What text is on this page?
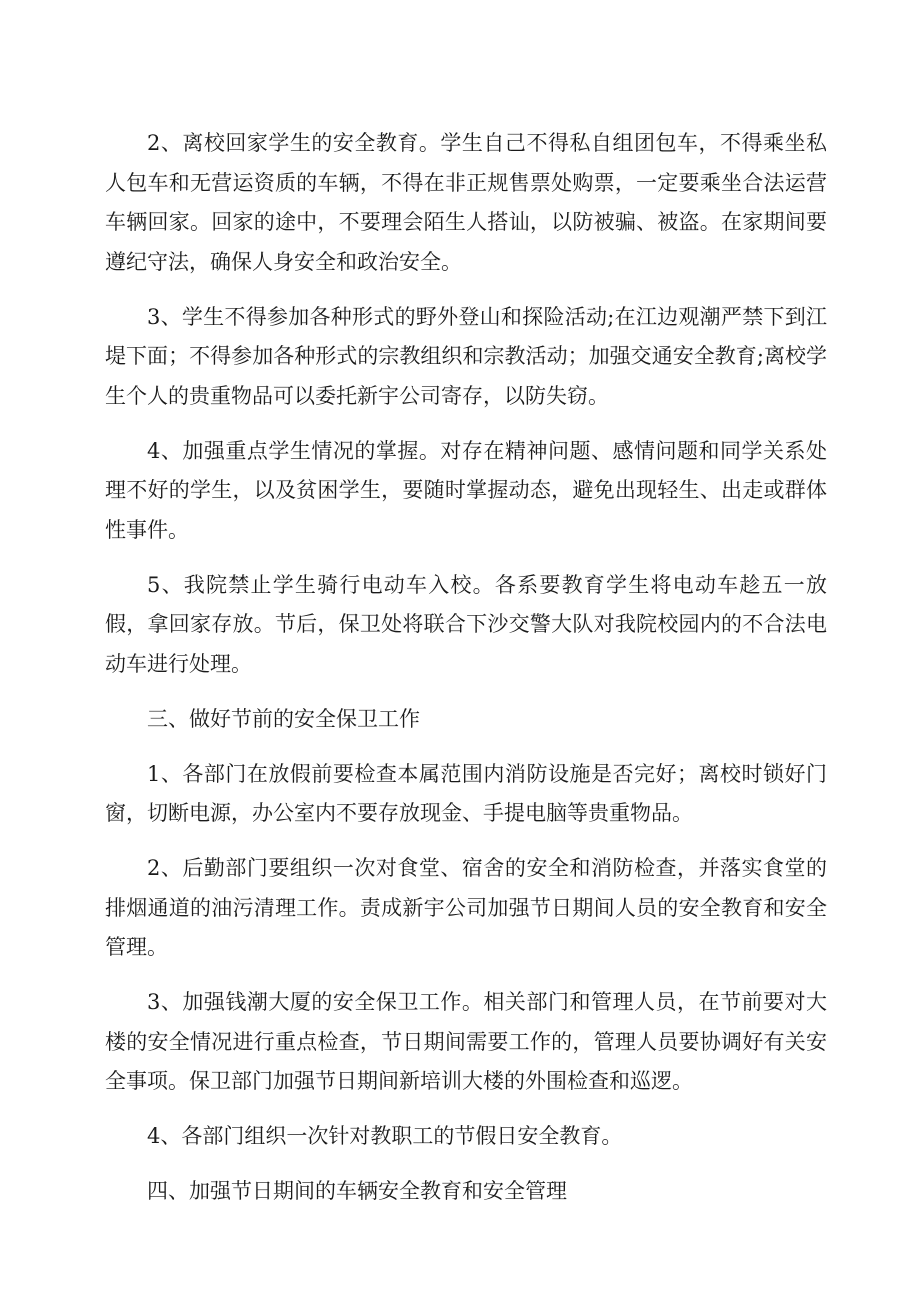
2、离校回家学生的安全教育。学生自己不得私自组团包车，不得乘坐私人包车和无营运资质的车辆，不得在非正规售票处购票，一定要乘坐合法运营车辆回家。回家的途中，不要理会陌生人搭讪，以防被骗、被盗。在家期间要遵纪守法，确保人身安全和政治安全。

3、学生不得参加各种形式的野外登山和探险活动;在江边观潮严禁下到江堤下面；不得参加各种形式的宗教组织和宗教活动；加强交通安全教育;离校学生个人的贵重物品可以委托新宇公司寄存，以防失窃。

4、加强重点学生情况的掌握。对存在精神问题、感情问题和同学关系处理不好的学生，以及贫困学生，要随时掌握动态，避免出现轻生、出走或群体性事件。

5、我院禁止学生骑行电动车入校。各系要教育学生将电动车趁五一放假，拿回家存放。节后，保卫处将联合下沙交警大队对我院校园内的不合法电动车进行处理。

三、做好节前的安全保卫工作

1、各部门在放假前要检查本属范围内消防设施是否完好；离校时锁好门窗，切断电源，办公室内不要存放现金、手提电脑等贵重物品。

2、后勤部门要组织一次对食堂、宿舍的安全和消防检查，并落实食堂的排烟通道的油污清理工作。责成新宇公司加强节日期间人员的安全教育和安全管理。

3、加强钱潮大厦的安全保卫工作。相关部门和管理人员，在节前要对大楼的安全情况进行重点检查，节日期间需要工作的，管理人员要协调好有关安全事项。保卫部门加强节日期间新培训大楼的外围检查和巡逻。

4、各部门组织一次针对教职工的节假日安全教育。

四、加强节日期间的车辆安全教育和安全管理
